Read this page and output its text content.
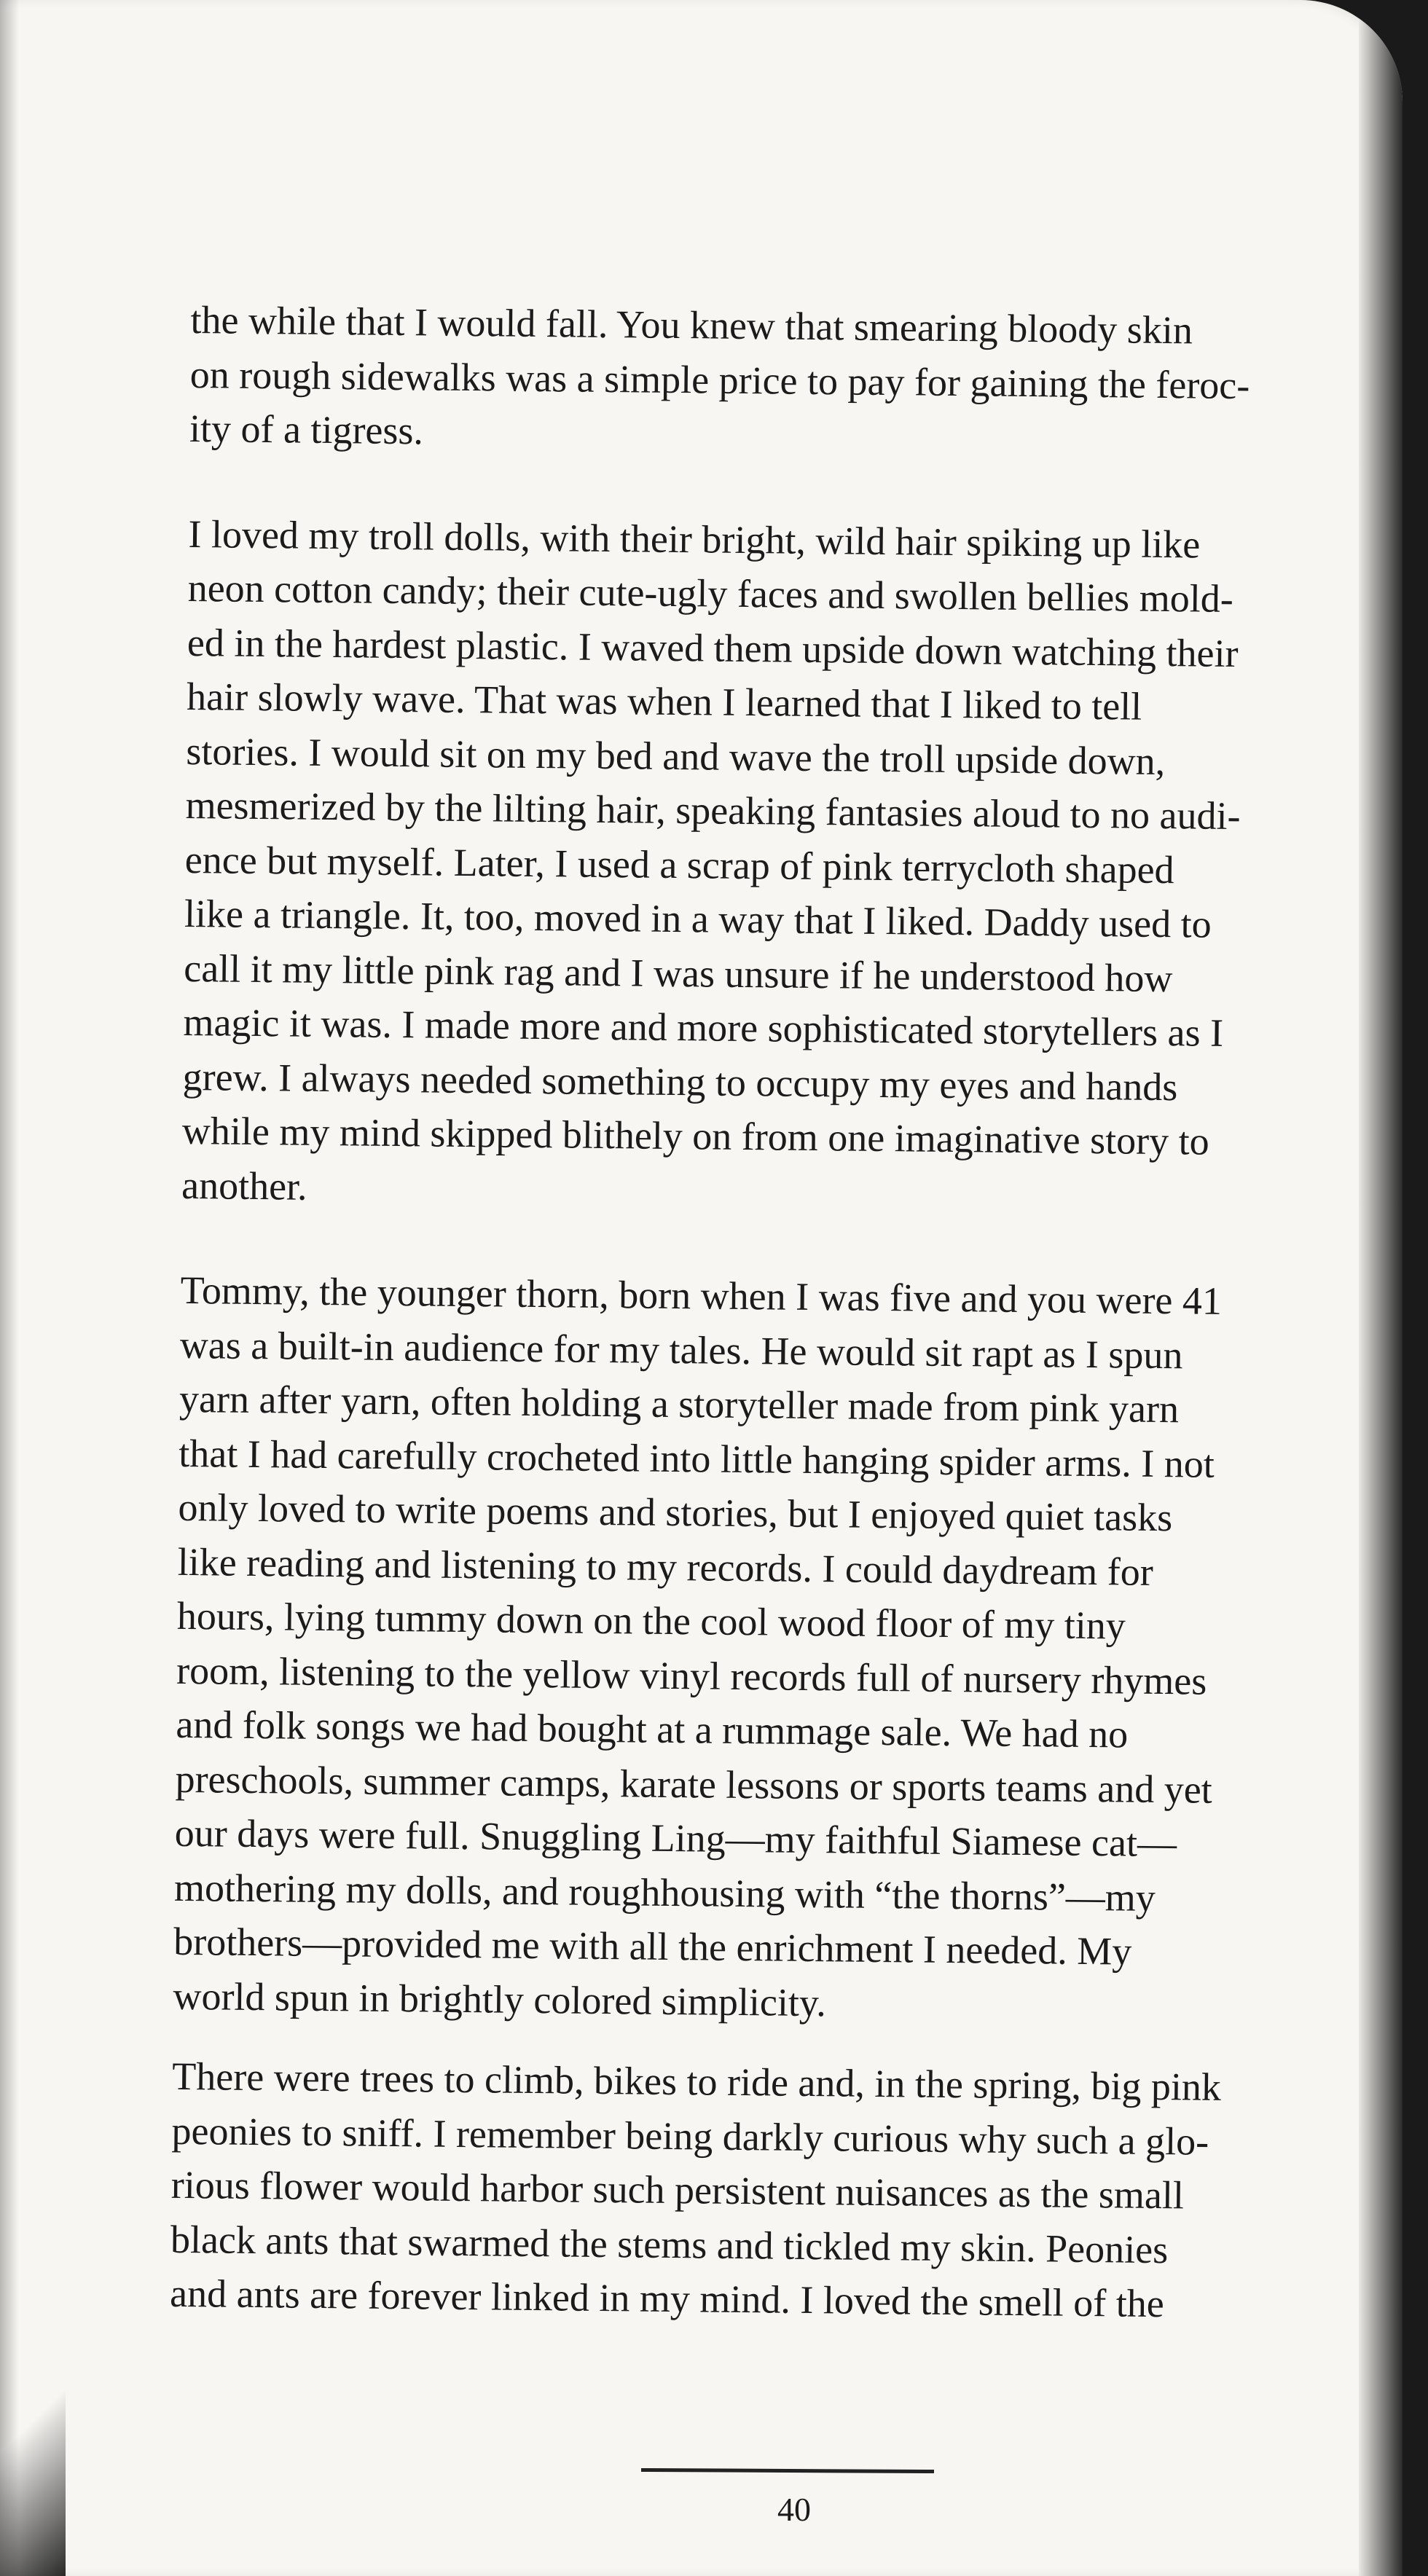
the while that I would fall. You knew that smearing bloody skin
on rough sidewalks was a simple price to pay for gaining the feroc-
ity of a tigress.

I loved my troll dolls, with their bright, wild hair spiking up like
neon cotton candy; their cute-ugly faces and swollen bellies mold-
ed in the hardest plastic. I waved them upside down watching their
hair slowly wave. That was when I learned that I liked to tell
stories. I would sit on my bed and wave the troll upside down,
mesmerized by the lilting hair, speaking fantasies aloud to no audi-
ence but myself. Later, I used a scrap of pink terrycloth shaped
like a triangle. It, too, moved in a way that I liked. Daddy used to
call it my little pink rag and I was unsure if he understood how
magic it was. I made more and more sophisticated storytellers as I
grew. I always needed something to occupy my eyes and hands
while my mind skipped blithely on from one imaginative story to
another.

Tommy, the younger thorn, born when I was five and you were 41
was a built-in audience for my tales. He would sit rapt as I spun
yarn after yarn, often holding a storyteller made from pink yarn
that I had carefully crocheted into little hanging spider arms. I not
only loved to write poems and stories, but I enjoyed quiet tasks
like reading and listening to my records. I could daydream for
hours, lying tummy down on the cool wood floor of my tiny
room, listening to the yellow vinyl records full of nursery rhymes
and folk songs we had bought at a rummage sale. We had no
preschools, summer camps, karate lessons or sports teams and yet
our days were full. Snuggling Ling—my faithful Siamese cat—
mothering my dolls, and roughhousing with “the thorns”—my
brothers—provided me with all the enrichment I needed. My
world spun in brightly colored simplicity.

There were trees to climb, bikes to ride and, in the spring, big pink
peonies to sniff. I remember being darkly curious why such a glo-
rious flower would harbor such persistent nuisances as the small
black ants that swarmed the stems and tickled my skin. Peonies
and ants are forever linked in my mind. I loved the smell of the

40
